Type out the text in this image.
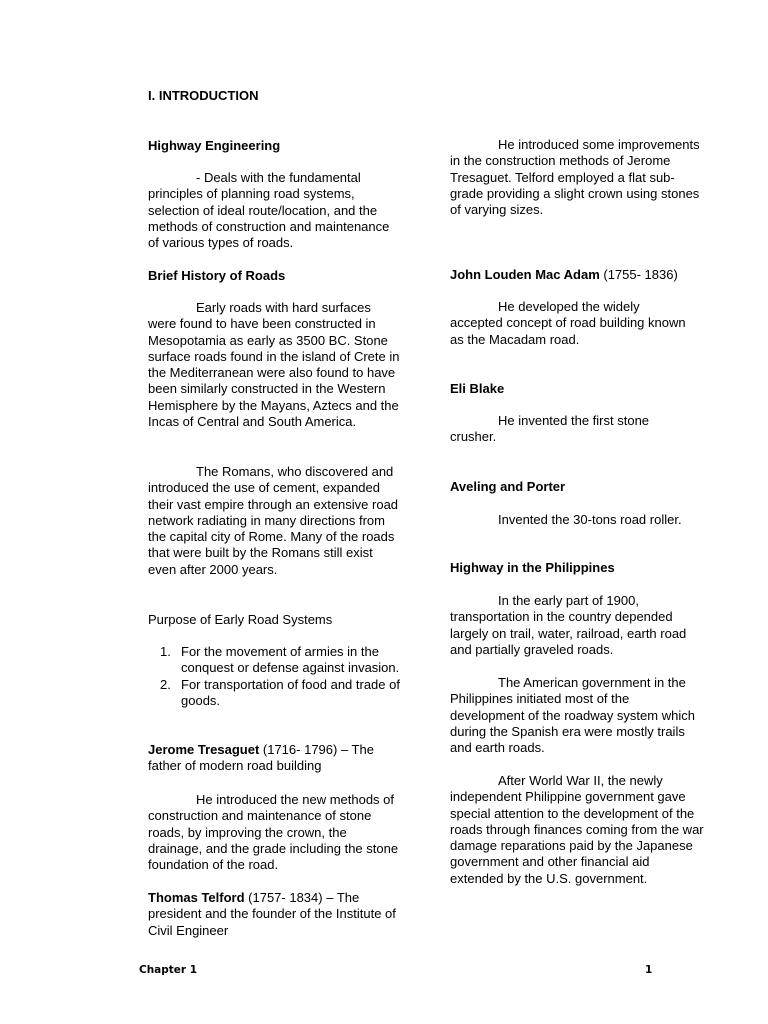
I. INTRODUCTION

Highway Engineering

- Deals with the fundamental principles of planning road systems, selection of ideal route/location, and the methods of construction and maintenance of various types of roads.

Brief History of Roads

Early roads with hard surfaces were found to have been constructed in Mesopotamia as early as 3500 BC. Stone surface roads found in the island of Crete in the Mediterranean were also found to have been similarly constructed in the Western Hemisphere by the Mayans, Aztecs and the Incas of Central and South America.

The Romans, who discovered and introduced the use of cement, expanded their vast empire through an extensive road network radiating in many directions from the capital city of Rome. Many of the roads that were built by the Romans still exist even after 2000 years.

Purpose of Early Road Systems

1. For the movement of armies in the conquest or defense against invasion.
2. For transportation of food and trade of goods.

Jerome Tresaguet (1716- 1796) – The father of modern road building

He introduced the new methods of construction and maintenance of stone roads, by improving the crown, the drainage, and the grade including the stone foundation of the road.

Thomas Telford (1757- 1834) – The president and the founder of the Institute of Civil Engineer

He introduced some improvements in the construction methods of Jerome Tresaguet. Telford employed a flat sub-grade providing a slight crown using stones of varying sizes.

John Louden Mac Adam (1755- 1836)

He developed the widely accepted concept of road building known as the Macadam road.

Eli Blake

He invented the first stone crusher.

Aveling and Porter

Invented the 30-tons road roller.

Highway in the Philippines

In the early part of 1900, transportation in the country depended largely on trail, water, railroad, earth road and partially graveled roads.

The American government in the Philippines initiated most of the development of the roadway system which during the Spanish era were mostly trails and earth roads.

After World War II, the newly independent Philippine government gave special attention to the development of the roads through finances coming from the war damage reparations paid by the Japanese government and other financial aid extended by the U.S. government.

Chapter 1	1
